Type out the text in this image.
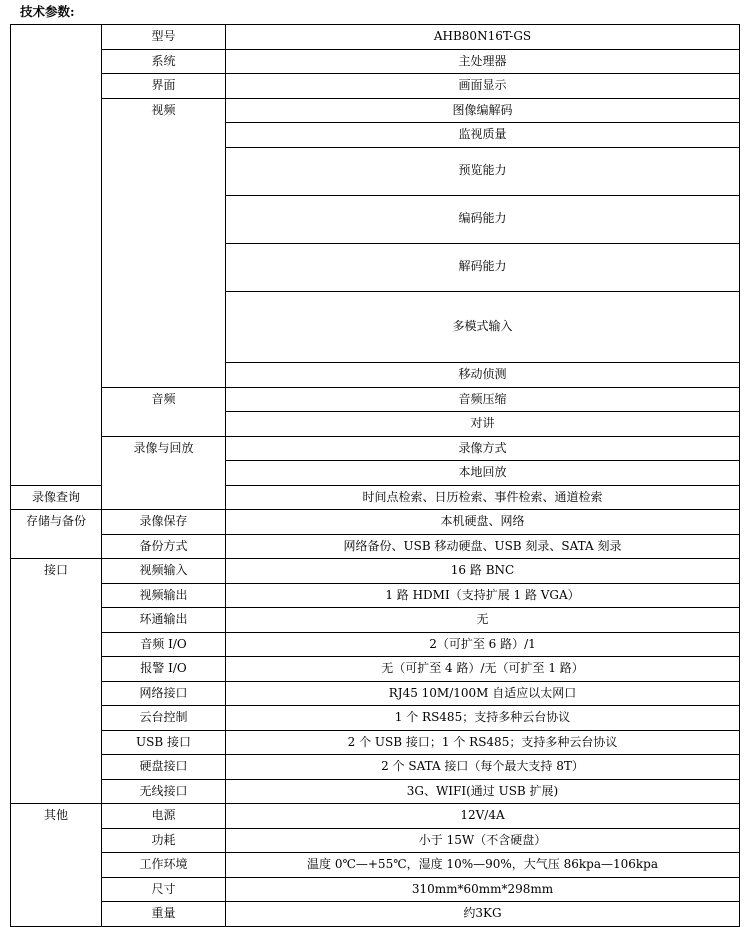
技术参数:
	型号	AHB80N16T-GS	

	系统	主处理器	

	界面	画面显示	

	视频	图像编解码	

		监视质量	

		预览能力	

		编码能力	

		解码能力	

		多模式输入	

		移动侦测	

	音频	音频压缩	

		对讲	

	录像与回放	录像方式	

		本地回放	

录像查询		时间点检索、日历检索、事件检索、通道检索	

存储与备份	录像保存	本机硬盘、网络	

	备份方式	网络备份、USB 移动硬盘、USB 刻录、SATA 刻录	

接口	视频输入	16 路 BNC	

	视频输出	1 路 HDMI（支持扩展 1 路 VGA）	

	环通输出	无	

	音频 I/O	2（可扩至 6 路）/1	

	报警 I/O	无（可扩至 4 路）/无（可扩至 1 路）	

	网络接口	RJ45 10M/100M 自适应以太网口	

	云台控制	1 个 RS485；支持多种云台协议	

	USB 接口	2 个 USB 接口；1 个 RS485；支持多种云台协议	

	硬盘接口	2 个 SATA 接口（每个最大支持 8T）	

	无线接口	3G、WIFI(通过 USB 扩展)	

其他	电源	12V/4A	

	功耗	小于 15W（不含硬盘）	

	工作环境	温度 0℃—+55℃，湿度 10%—90%，大气压 86kpa—106kpa	

	尺寸	310mm*60mm*298mm	

	重量	约3KG	
